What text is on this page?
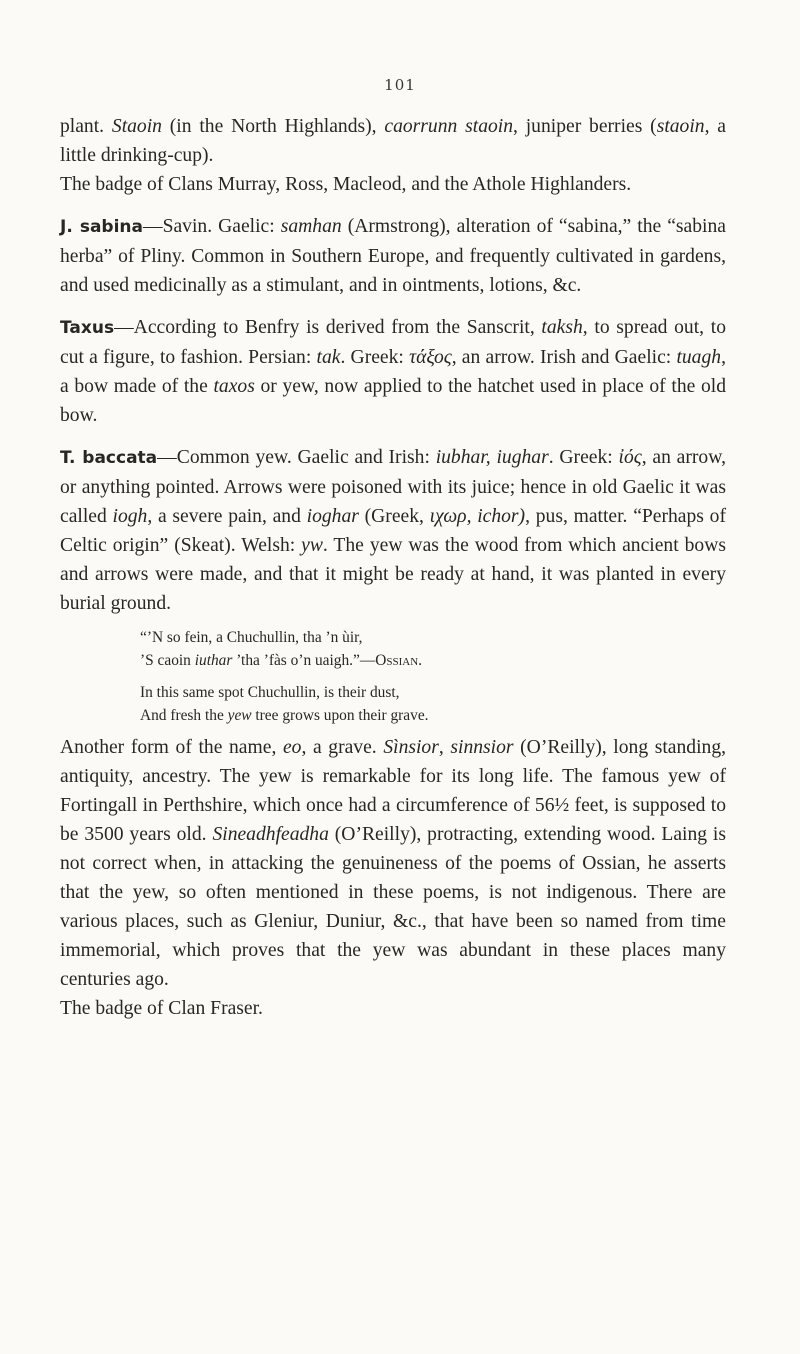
101

plant. Staoin (in the North Highlands), caorrunn staoin, juniper berries (staoin, a little drinking-cup).

The badge of Clans Murray, Ross, Macleod, and the Athole Highlanders.

J. sabina—Savin. Gaelic: samhan (Armstrong), alteration of “sabina,” the “sabina herba” of Pliny. Common in Southern Europe, and frequently cultivated in gardens, and used medicinally as a stimulant, and in ointments, lotions, &c.

Taxus—According to Benfry is derived from the Sanscrit, taksh, to spread out, to cut a figure, to fashion. Persian: tak. Greek: τάξος, an arrow. Irish and Gaelic: tuagh, a bow made of the taxos or yew, now applied to the hatchet used in place of the old bow.

T. baccata—Common yew. Gaelic and Irish: iubhar, iughar. Greek: ἰός, an arrow, or anything pointed. Arrows were poisoned with its juice; hence in old Gaelic it was called iogh, a severe pain, and ioghar (Greek, ιχωρ, ichor), pus, matter. “Perhaps of Celtic origin” (Skeat). Welsh: yw. The yew was the wood from which ancient bows and arrows were made, and that it might be ready at hand, it was planted in every burial ground.

“’N so fein, a Chuchullin, tha ’n ùir,
’S caoin iuthar ’tha ’fàs o’n uaigh.”—Ossian.
In this same spot Chuchullin, is their dust,
And fresh the yew tree grows upon their grave.

Another form of the name, eo, a grave. Sìnsior, sinnsior (O’Reilly), long standing, antiquity, ancestry. The yew is remarkable for its long life. The famous yew of Fortingall in Perthshire, which once had a circumference of 56½ feet, is supposed to be 3500 years old. Sineadhfeadha (O’Reilly), protracting, extending wood. Laing is not correct when, in attacking the genuineness of the poems of Ossian, he asserts that the yew, so often mentioned in these poems, is not indigenous. There are various places, such as Gleniur, Duniur, &c., that have been so named from time immemorial, which proves that the yew was abundant in these places many centuries ago.

The badge of Clan Fraser.
